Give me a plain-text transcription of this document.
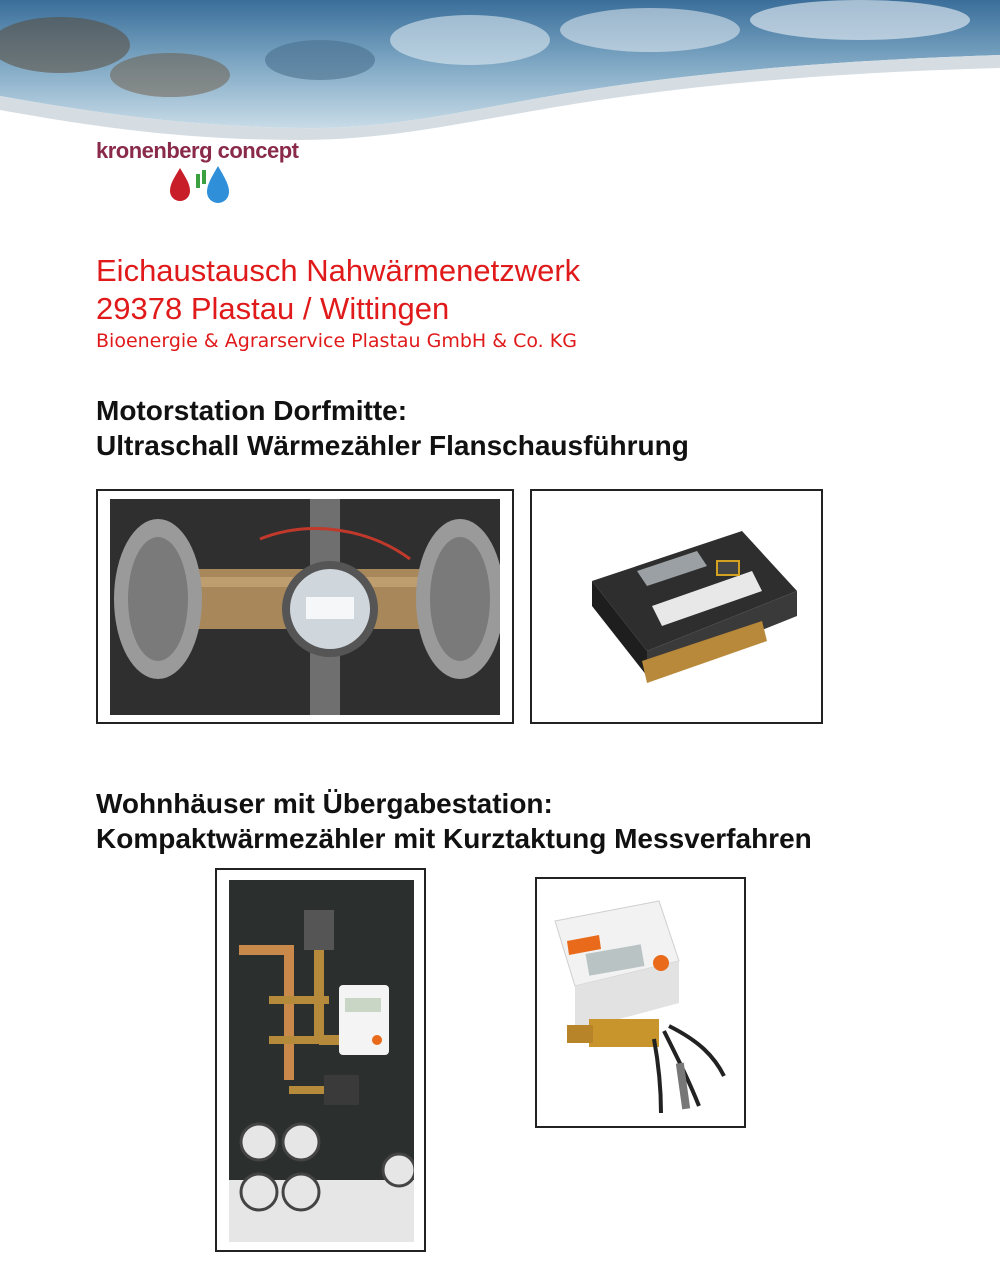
kronenberg concept
Eichaustausch Nahwärmenetzwerk
29378 Plastau / Wittingen
Bioenergie & Agrarservice Plastau GmbH & Co. KG
Motorstation Dorfmitte:
Ultraschall Wärmezähler Flanschausführung
Wohnhäuser mit Übergabestation:
Kompaktwärmezähler mit Kurztaktung Messverfahren
